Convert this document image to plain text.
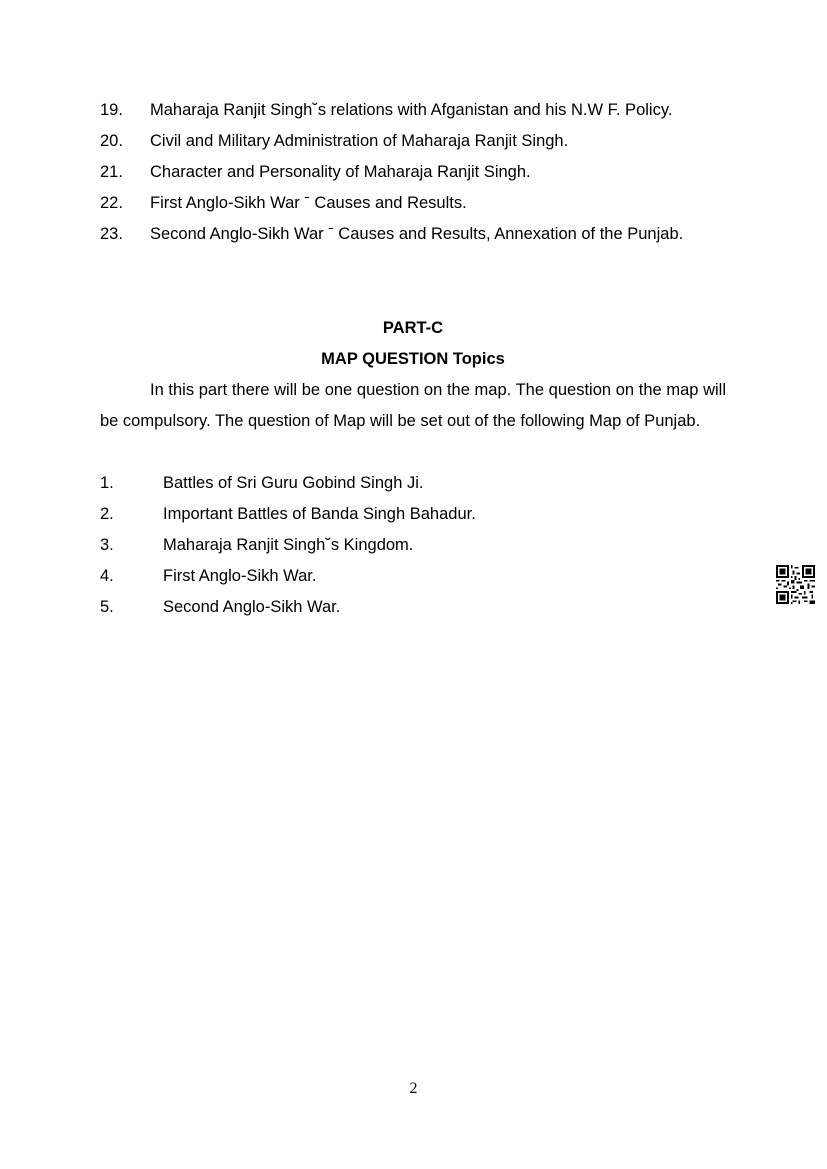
19.	Maharaja Ranjit Singh˘s relations with Afganistan and his N.W F. Policy.
20.	Civil and Military Administration of Maharaja Ranjit Singh.
21.	Character and Personality of Maharaja Ranjit Singh.
22.	First Anglo-Sikh War ˉ Causes and Results.
23.	Second Anglo-Sikh War ˉ Causes and Results, Annexation of the Punjab.
PART-C
MAP QUESTION Topics

In this part there will be one question on the map. The question on the map will be compulsory. The question of Map will be set out of the following Map of Punjab.

1.	Battles of Sri Guru Gobind Singh Ji.
2.	Important Battles of Banda Singh Bahadur.
3.	Maharaja Ranjit Singh˘s Kingdom.
4.	First Anglo-Sikh War.
5.	Second Anglo-Sikh War.
2
